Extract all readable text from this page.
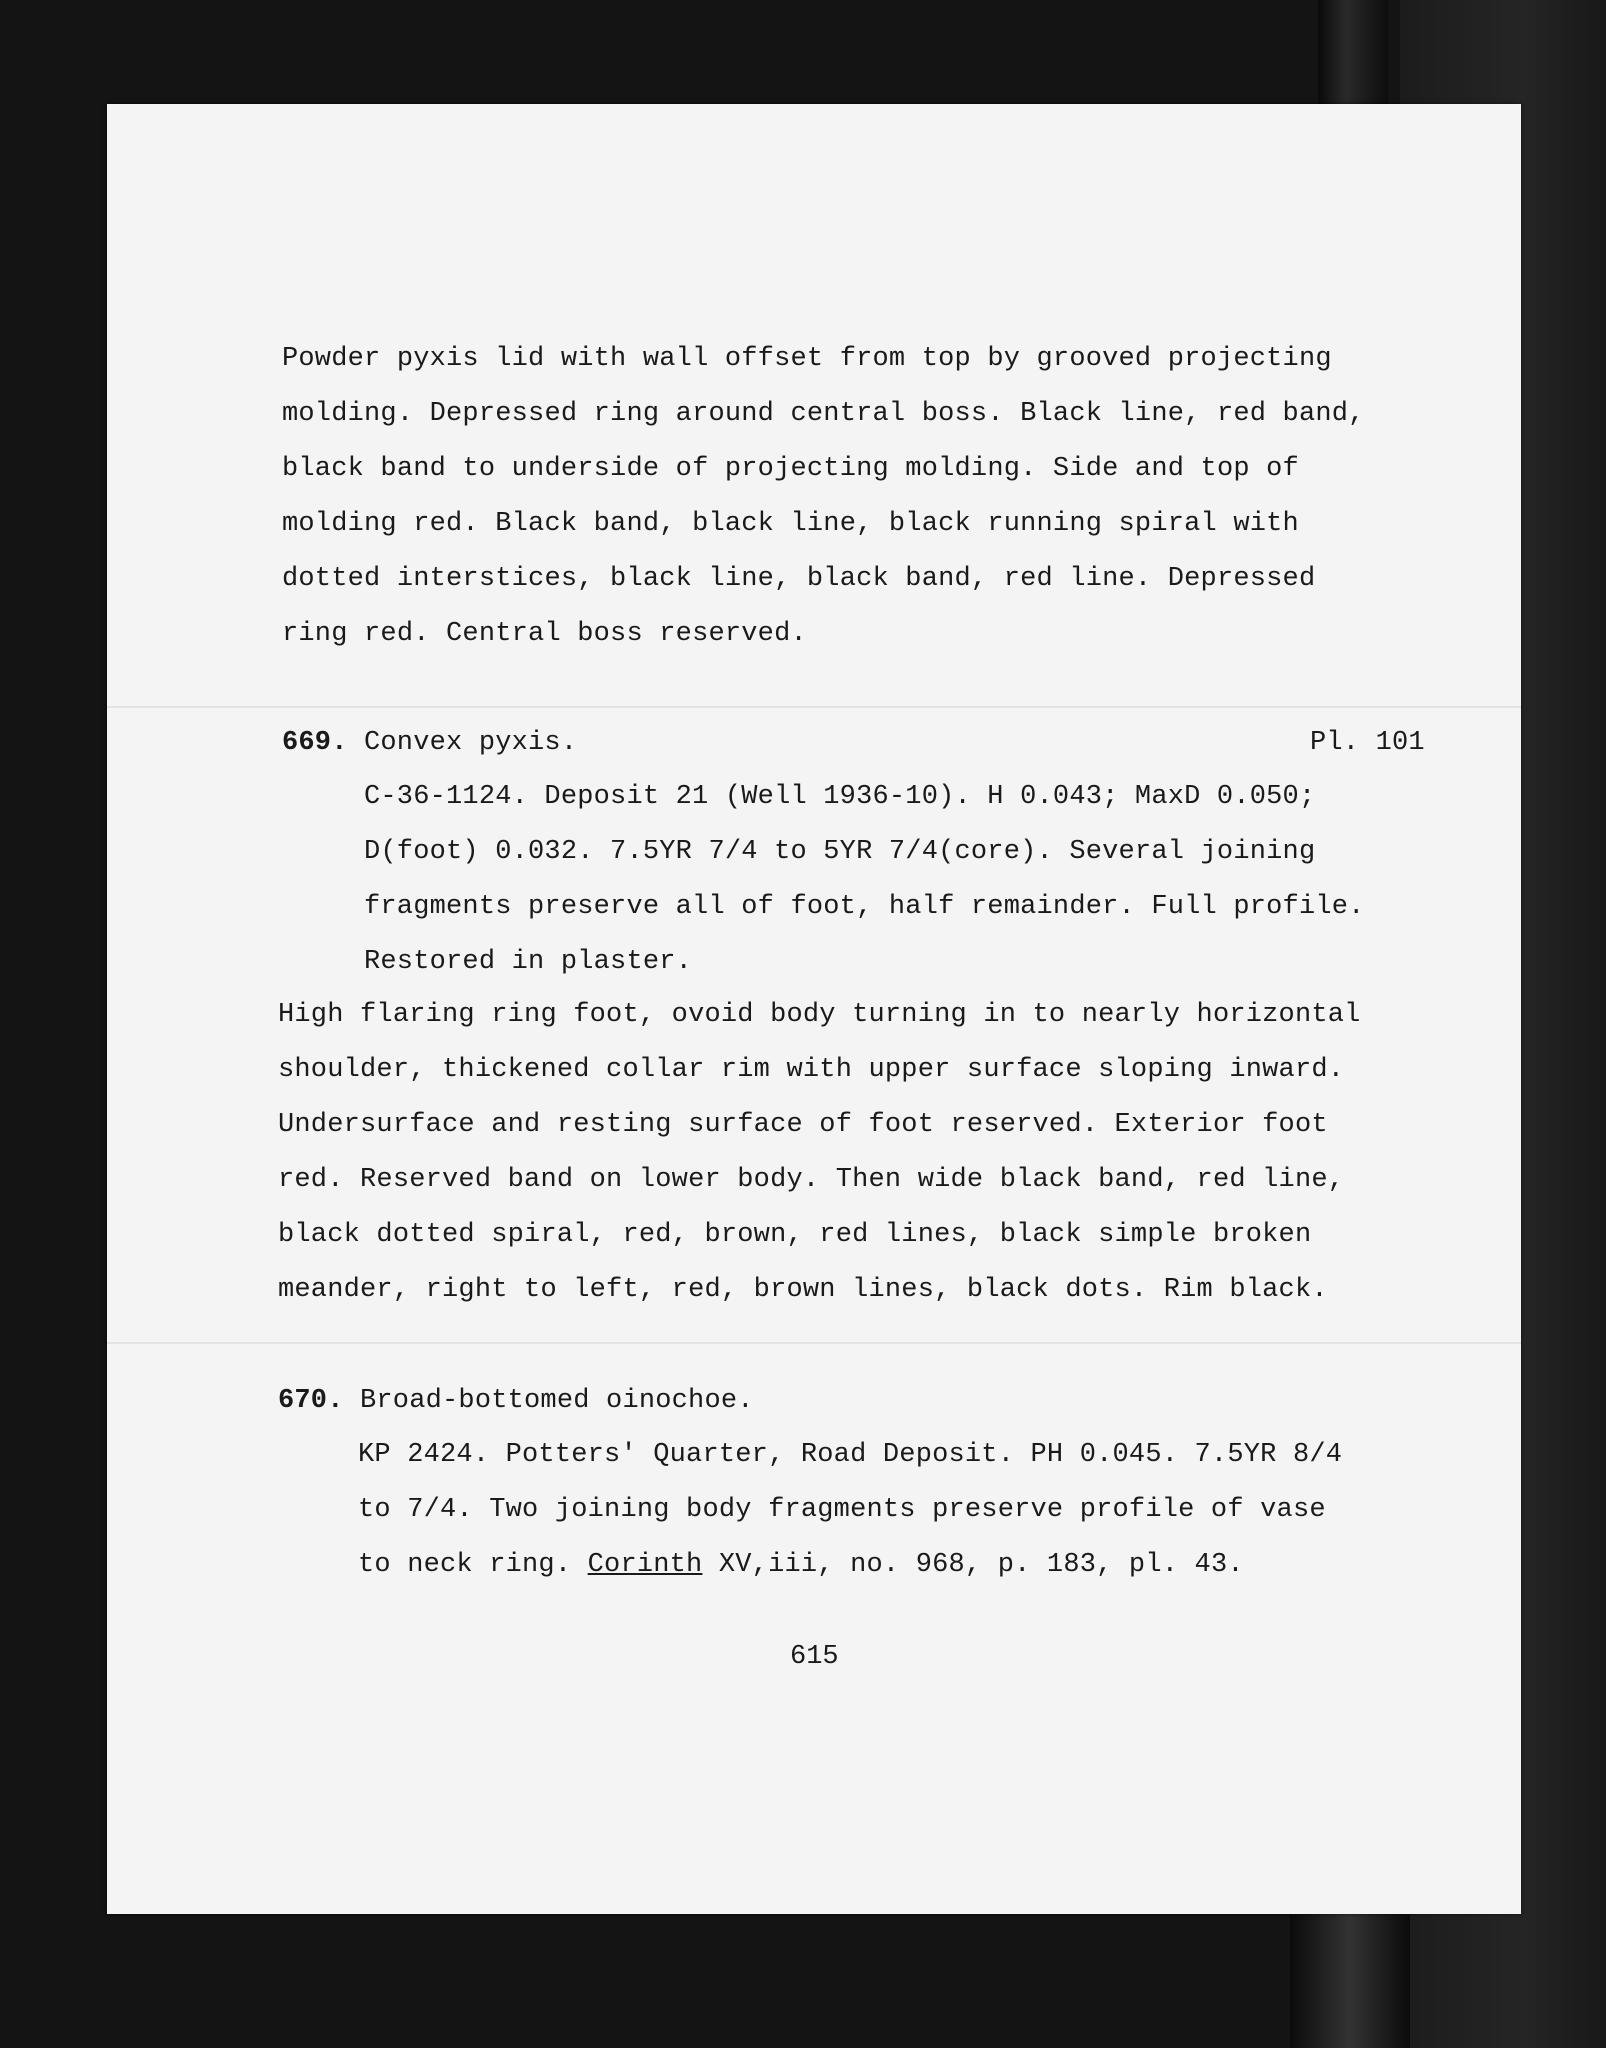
Powder pyxis lid with wall offset from top by grooved projecting
molding. Depressed ring around central boss. Black line, red band,
black band to underside of projecting molding. Side and top of
molding red. Black band, black line, black running spiral with
dotted interstices, black line, black band, red line. Depressed
ring red. Central boss reserved.
669. Convex pyxis.	Pl. 101
C-36-1124. Deposit 21 (Well 1936-10). H 0.043; MaxD 0.050;
D(foot) 0.032. 7.5YR 7/4 to 5YR 7/4(core). Several joining
fragments preserve all of foot, half remainder. Full profile.
Restored in plaster.
High flaring ring foot, ovoid body turning in to nearly horizontal
shoulder, thickened collar rim with upper surface sloping inward.
Undersurface and resting surface of foot reserved. Exterior foot
red. Reserved band on lower body. Then wide black band, red line,
black dotted spiral, red, brown, red lines, black simple broken
meander, right to left, red, brown lines, black dots. Rim black.
670. Broad-bottomed oinochoe.
KP 2424. Potters' Quarter, Road Deposit. PH 0.045. 7.5YR 8/4
to 7/4. Two joining body fragments preserve profile of vase
to neck ring. Corinth XV,iii, no. 968, p. 183, pl. 43.
615
